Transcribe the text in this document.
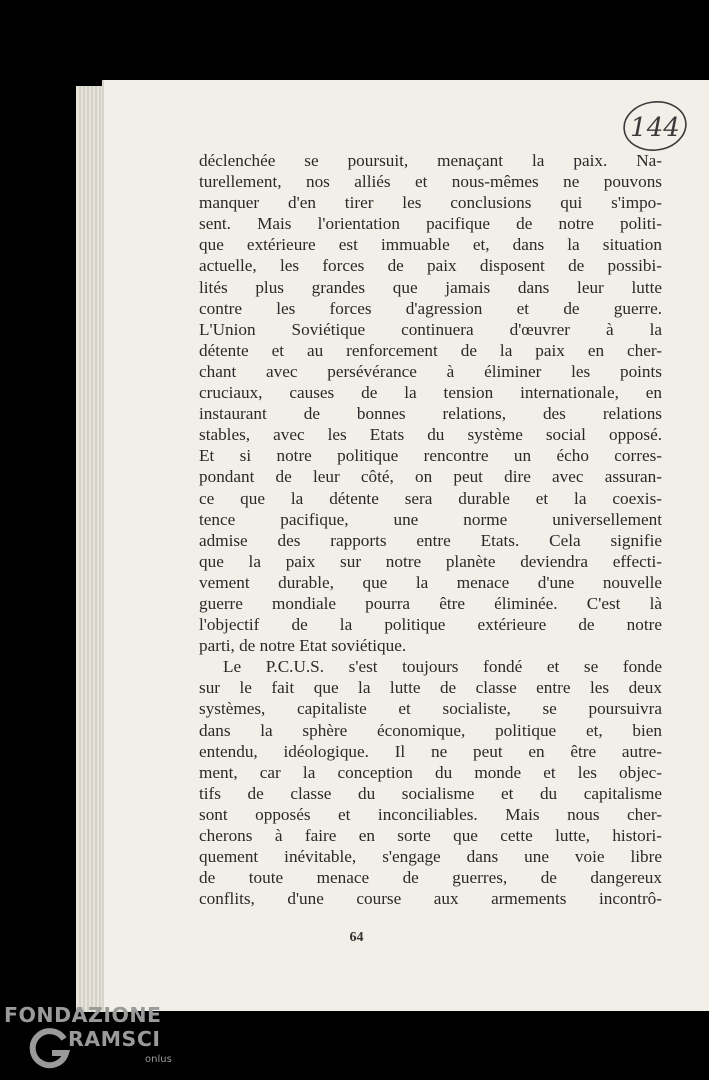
144
déclenchée se poursuit, menaçant la paix. Na-
turellement, nos alliés et nous-mêmes ne pouvons
manquer d'en tirer les conclusions qui s'impo-
sent. Mais l'orientation pacifique de notre politi-
que extérieure est immuable et, dans la situation
actuelle, les forces de paix disposent de possibi-
lités plus grandes que jamais dans leur lutte
contre les forces d'agression et de guerre.
L'Union Soviétique continuera d'œuvrer à la
détente et au renforcement de la paix en cher-
chant avec persévérance à éliminer les points
cruciaux, causes de la tension internationale, en
instaurant de bonnes relations, des relations
stables, avec les Etats du système social opposé.
Et si notre politique rencontre un écho corres-
pondant de leur côté, on peut dire avec assuran-
ce que la détente sera durable et la coexis-
tence pacifique, une norme universellement
admise des rapports entre Etats. Cela signifie
que la paix sur notre planète deviendra effecti-
vement durable, que la menace d'une nouvelle
guerre mondiale pourra être éliminée. C'est là
l'objectif de la politique extérieure de notre
parti, de notre Etat soviétique.
Le P.C.U.S. s'est toujours fondé et se fonde
sur le fait que la lutte de classe entre les deux
systèmes, capitaliste et socialiste, se poursuivra
dans la sphère économique, politique et, bien
entendu, idéologique. Il ne peut en être autre-
ment, car la conception du monde et les objec-
tifs de classe du socialisme et du capitalisme
sont opposés et inconciliables. Mais nous cher-
cherons à faire en sorte que cette lutte, histori-
quement inévitable, s'engage dans une voie libre
de toute menace de guerres, de dangereux
conflits, d'une course aux armements incontrô-
64
FONDAZIONE
RAMSCI
onlus
